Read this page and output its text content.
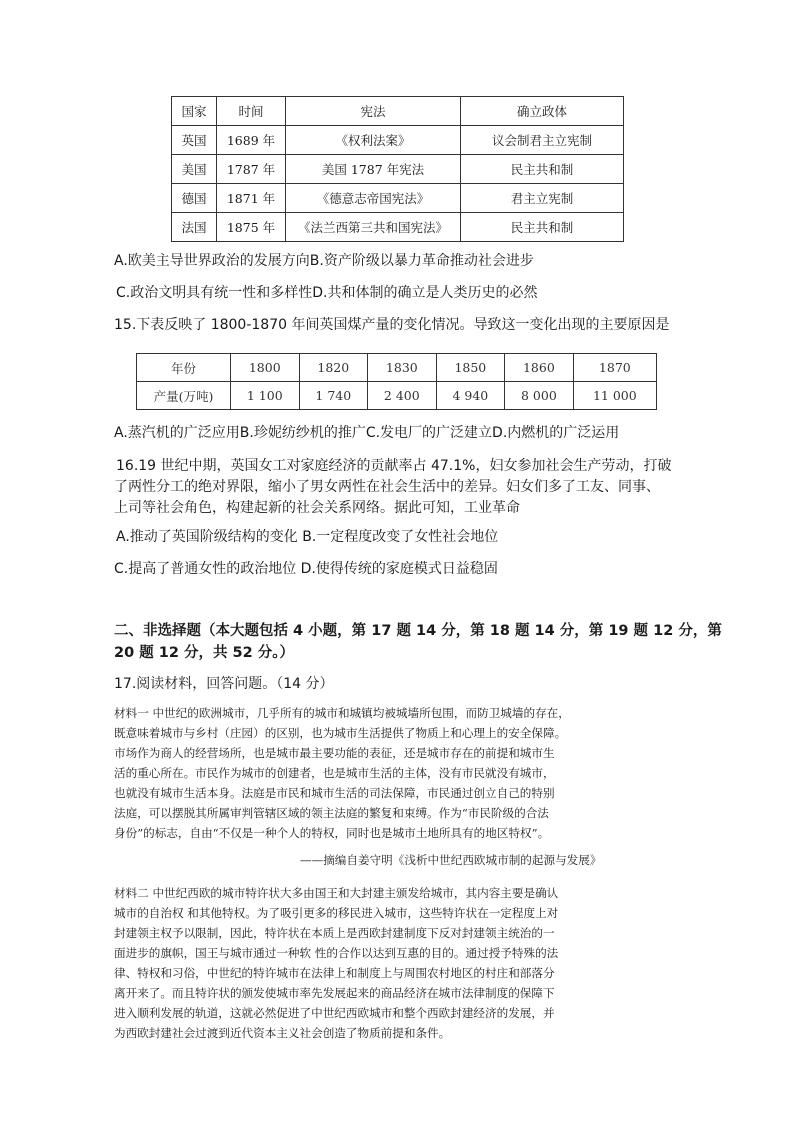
国家	时间	宪法	确立政体
英国	1689 年	《权利法案》	议会制君主立宪制
美国	1787 年	美国 1787 年宪法	民主共和制
德国	1871 年	《德意志帝国宪法》	君主立宪制
法国	1875 年	《法兰西第三共和国宪法》	民主共和制
A.欧美主导世界政治的发展方向B.资产阶级以暴力革命推动社会进步
C.政治文明具有统一性和多样性D.共和体制的确立是人类历史的必然
15.下表反映了 1800-1870 年间英国煤产量的变化情况。导致这一变化出现的主要原因是
年份	1800	1820	1830	1850	1860	1870
产量(万吨)	1 100	1 740	2 400	4 940	8 000	11 000
A.蒸汽机的广泛应用B.珍妮纺纱机的推广C.发电厂的广泛建立D.内燃机的广泛运用
16.19 世纪中期，英国女工对家庭经济的贡献率占 47.1%，妇女参加社会生产劳动，打破
了两性分工的绝对界限，缩小了男女两性在社会生活中的差异。妇女们多了工友、同事、
上司等社会角色，构建起新的社会关系网络。据此可知，工业革命
A.推动了英国阶级结构的变化 B.一定程度改变了女性社会地位
C.提高了普通女性的政治地位 D.使得传统的家庭模式日益稳固
二、非选择题（本大题包括 4 小题，第 17 题 14 分，第 18 题 14 分，第 19 题 12 分，第
20 题 12 分，共 52 分。）
17.阅读材料，回答问题。（14 分）
材料一 中世纪的欧洲城市，几乎所有的城市和城镇均被城墙所包围，而防卫城墙的存在，
既意味着城市与乡村（庄园）的区别，也为城市生活提供了物质上和心理上的安全保障。
市场作为商人的经营场所，也是城市最主要功能的表征，还是城市存在的前提和城市生
活的重心所在。市民作为城市的创建者，也是城市生活的主体，没有市民就没有城市，
也就没有城市生活本身。法庭是市民和城市生活的司法保障，市民通过创立自己的特别
法庭，可以摆脱其所属审判管辖区域的领主法庭的繁复和束缚。作为“市民阶级的合法
身份”的标志，自由“不仅是一种个人的特权，同时也是城市土地所具有的地区特权”。
——摘编自姜守明《浅析中世纪西欧城市制的起源与发展》
材料二 中世纪西欧的城市特许状大多由国王和大封建主颁发给城市，其内容主要是确认
城市的自治权 和其他特权。为了吸引更多的移民进入城市，这些特许状在一定程度上对
封建领主权予以限制，因此，特许状在本质上是西欧封建制度下反对封建领主统治的一
面进步的旗帜，国王与城市通过一种软 性的合作以达到互惠的目的。通过授予特殊的法
律、特权和习俗，中世纪的特许城市在法律上和制度上与周围农村地区的村庄和部落分
离开来了。而且特许状的颁发使城市率先发展起来的商品经济在城市法律制度的保障下
进入顺利发展的轨道，这就必然促进了中世纪西欧城市和整个西欧封建经济的发展，并
为西欧封建社会过渡到近代资本主义社会创造了物质前提和条件。
